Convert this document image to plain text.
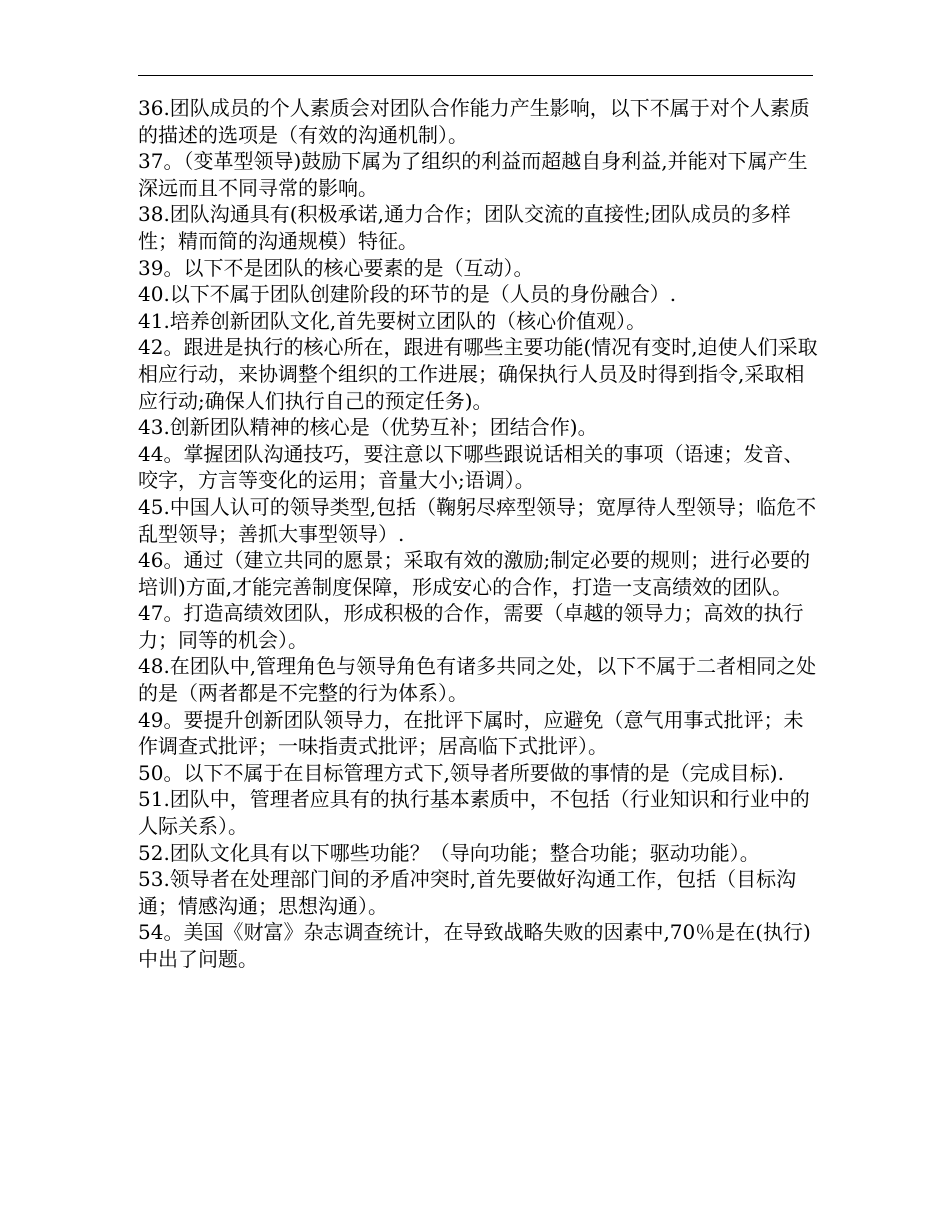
36.团队成员的个人素质会对团队合作能力产生影响，以下不属于对个人素质的描述的选项是（有效的沟通机制）。

37。（变革型领导)鼓励下属为了组织的利益而超越自身利益,并能对下属产生深远而且不同寻常的影响。

38.团队沟通具有(积极承诺,通力合作；团队交流的直接性;团队成员的多样性；精而简的沟通规模）特征。

39。以下不是团队的核心要素的是（互动）。

40.以下不属于团队创建阶段的环节的是（人员的身份融合）.

41.培养创新团队文化,首先要树立团队的（核心价值观）。

42。跟进是执行的核心所在，跟进有哪些主要功能(情况有变时,迫使人们采取相应行动，来协调整个组织的工作进展；确保执行人员及时得到指令,采取相应行动;确保人们执行自己的预定任务)。

43.创新团队精神的核心是（优势互补；团结合作)。

44。掌握团队沟通技巧，要注意以下哪些跟说话相关的事项（语速；发音、咬字，方言等变化的运用；音量大小;语调）。

45.中国人认可的领导类型,包括（鞠躬尽瘁型领导；宽厚待人型领导；临危不乱型领导；善抓大事型领导）.

46。通过（建立共同的愿景；采取有效的激励;制定必要的规则；进行必要的培训)方面,才能完善制度保障，形成安心的合作，打造一支高绩效的团队。

47。打造高绩效团队，形成积极的合作，需要（卓越的领导力；高效的执行力；同等的机会）。

48.在团队中,管理角色与领导角色有诸多共同之处，以下不属于二者相同之处的是（两者都是不完整的行为体系）。

49。要提升创新团队领导力，在批评下属时，应避免（意气用事式批评；未作调查式批评；一味指责式批评；居高临下式批评）。

50。以下不属于在目标管理方式下,领导者所要做的事情的是（完成目标).

51.团队中，管理者应具有的执行基本素质中，不包括（行业知识和行业中的人际关系）。

52.团队文化具有以下哪些功能？（导向功能；整合功能；驱动功能）。

53.领导者在处理部门间的矛盾冲突时,首先要做好沟通工作，包括（目标沟通；情感沟通；思想沟通）。

54。美国《财富》杂志调查统计，在导致战略失败的因素中,70％是在(执行)中出了问题。
